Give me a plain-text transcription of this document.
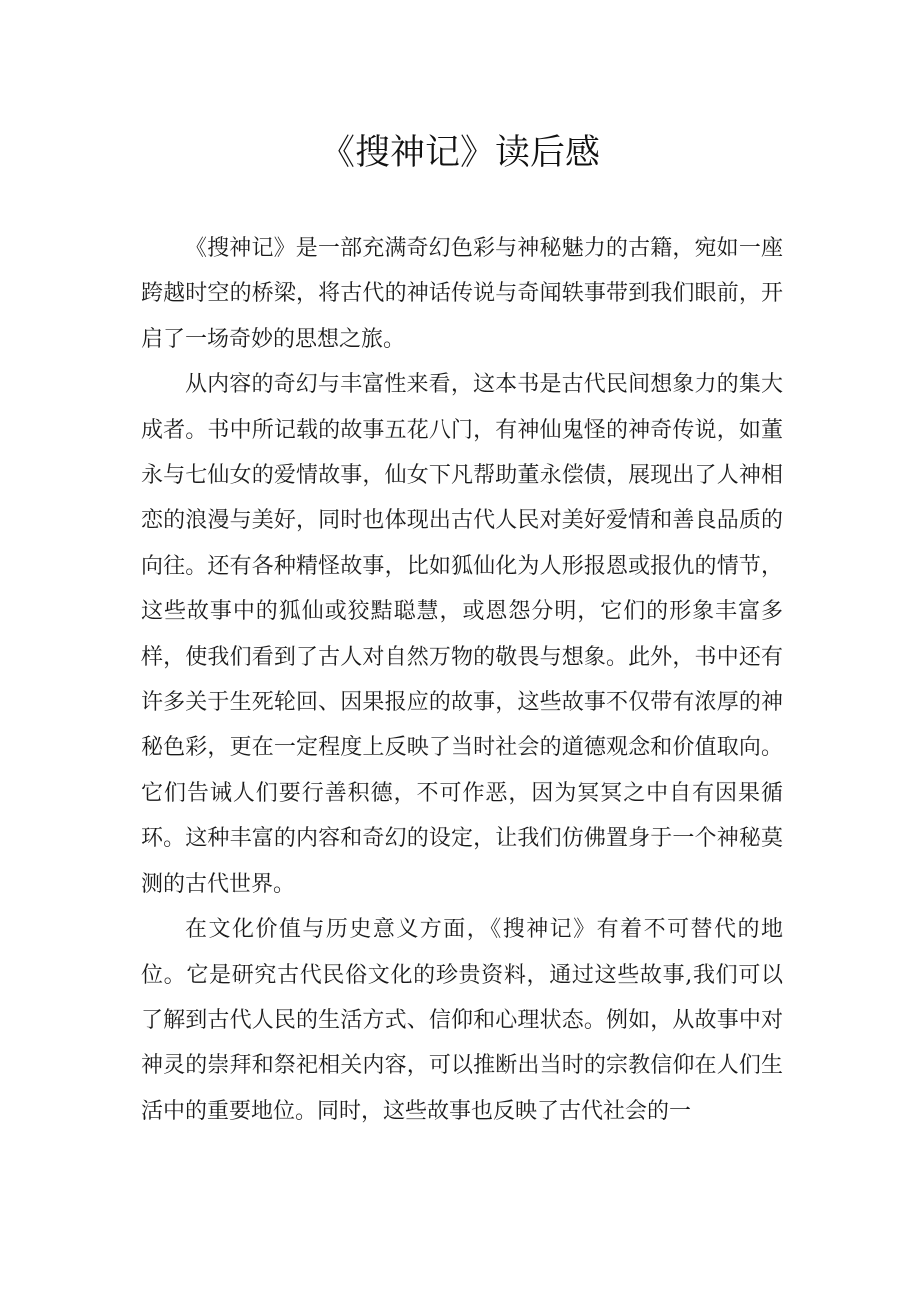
《搜神记》读后感

《搜神记》是一部充满奇幻色彩与神秘魅力的古籍，宛如一座跨越时空的桥梁，将古代的神话传说与奇闻轶事带到我们眼前，开启了一场奇妙的思想之旅。

从内容的奇幻与丰富性来看，这本书是古代民间想象力的集大成者。书中所记载的故事五花八门，有神仙鬼怪的神奇传说，如董永与七仙女的爱情故事，仙女下凡帮助董永偿债，展现出了人神相恋的浪漫与美好，同时也体现出古代人民对美好爱情和善良品质的向往。还有各种精怪故事，比如狐仙化为人形报恩或报仇的情节，这些故事中的狐仙或狡黠聪慧，或恩怨分明，它们的形象丰富多样，使我们看到了古人对自然万物的敬畏与想象。此外，书中还有许多关于生死轮回、因果报应的故事，这些故事不仅带有浓厚的神秘色彩，更在一定程度上反映了当时社会的道德观念和价值取向。它们告诫人们要行善积德，不可作恶，因为冥冥之中自有因果循环。这种丰富的内容和奇幻的设定，让我们仿佛置身于一个神秘莫测的古代世界。

在文化价值与历史意义方面，《搜神记》有着不可替代的地位。它是研究古代民俗文化的珍贵资料，通过这些故事,我们可以了解到古代人民的生活方式、信仰和心理状态。例如，从故事中对神灵的崇拜和祭祀相关内容，可以推断出当时的宗教信仰在人们生活中的重要地位。同时，这些故事也反映了古代社会的一
